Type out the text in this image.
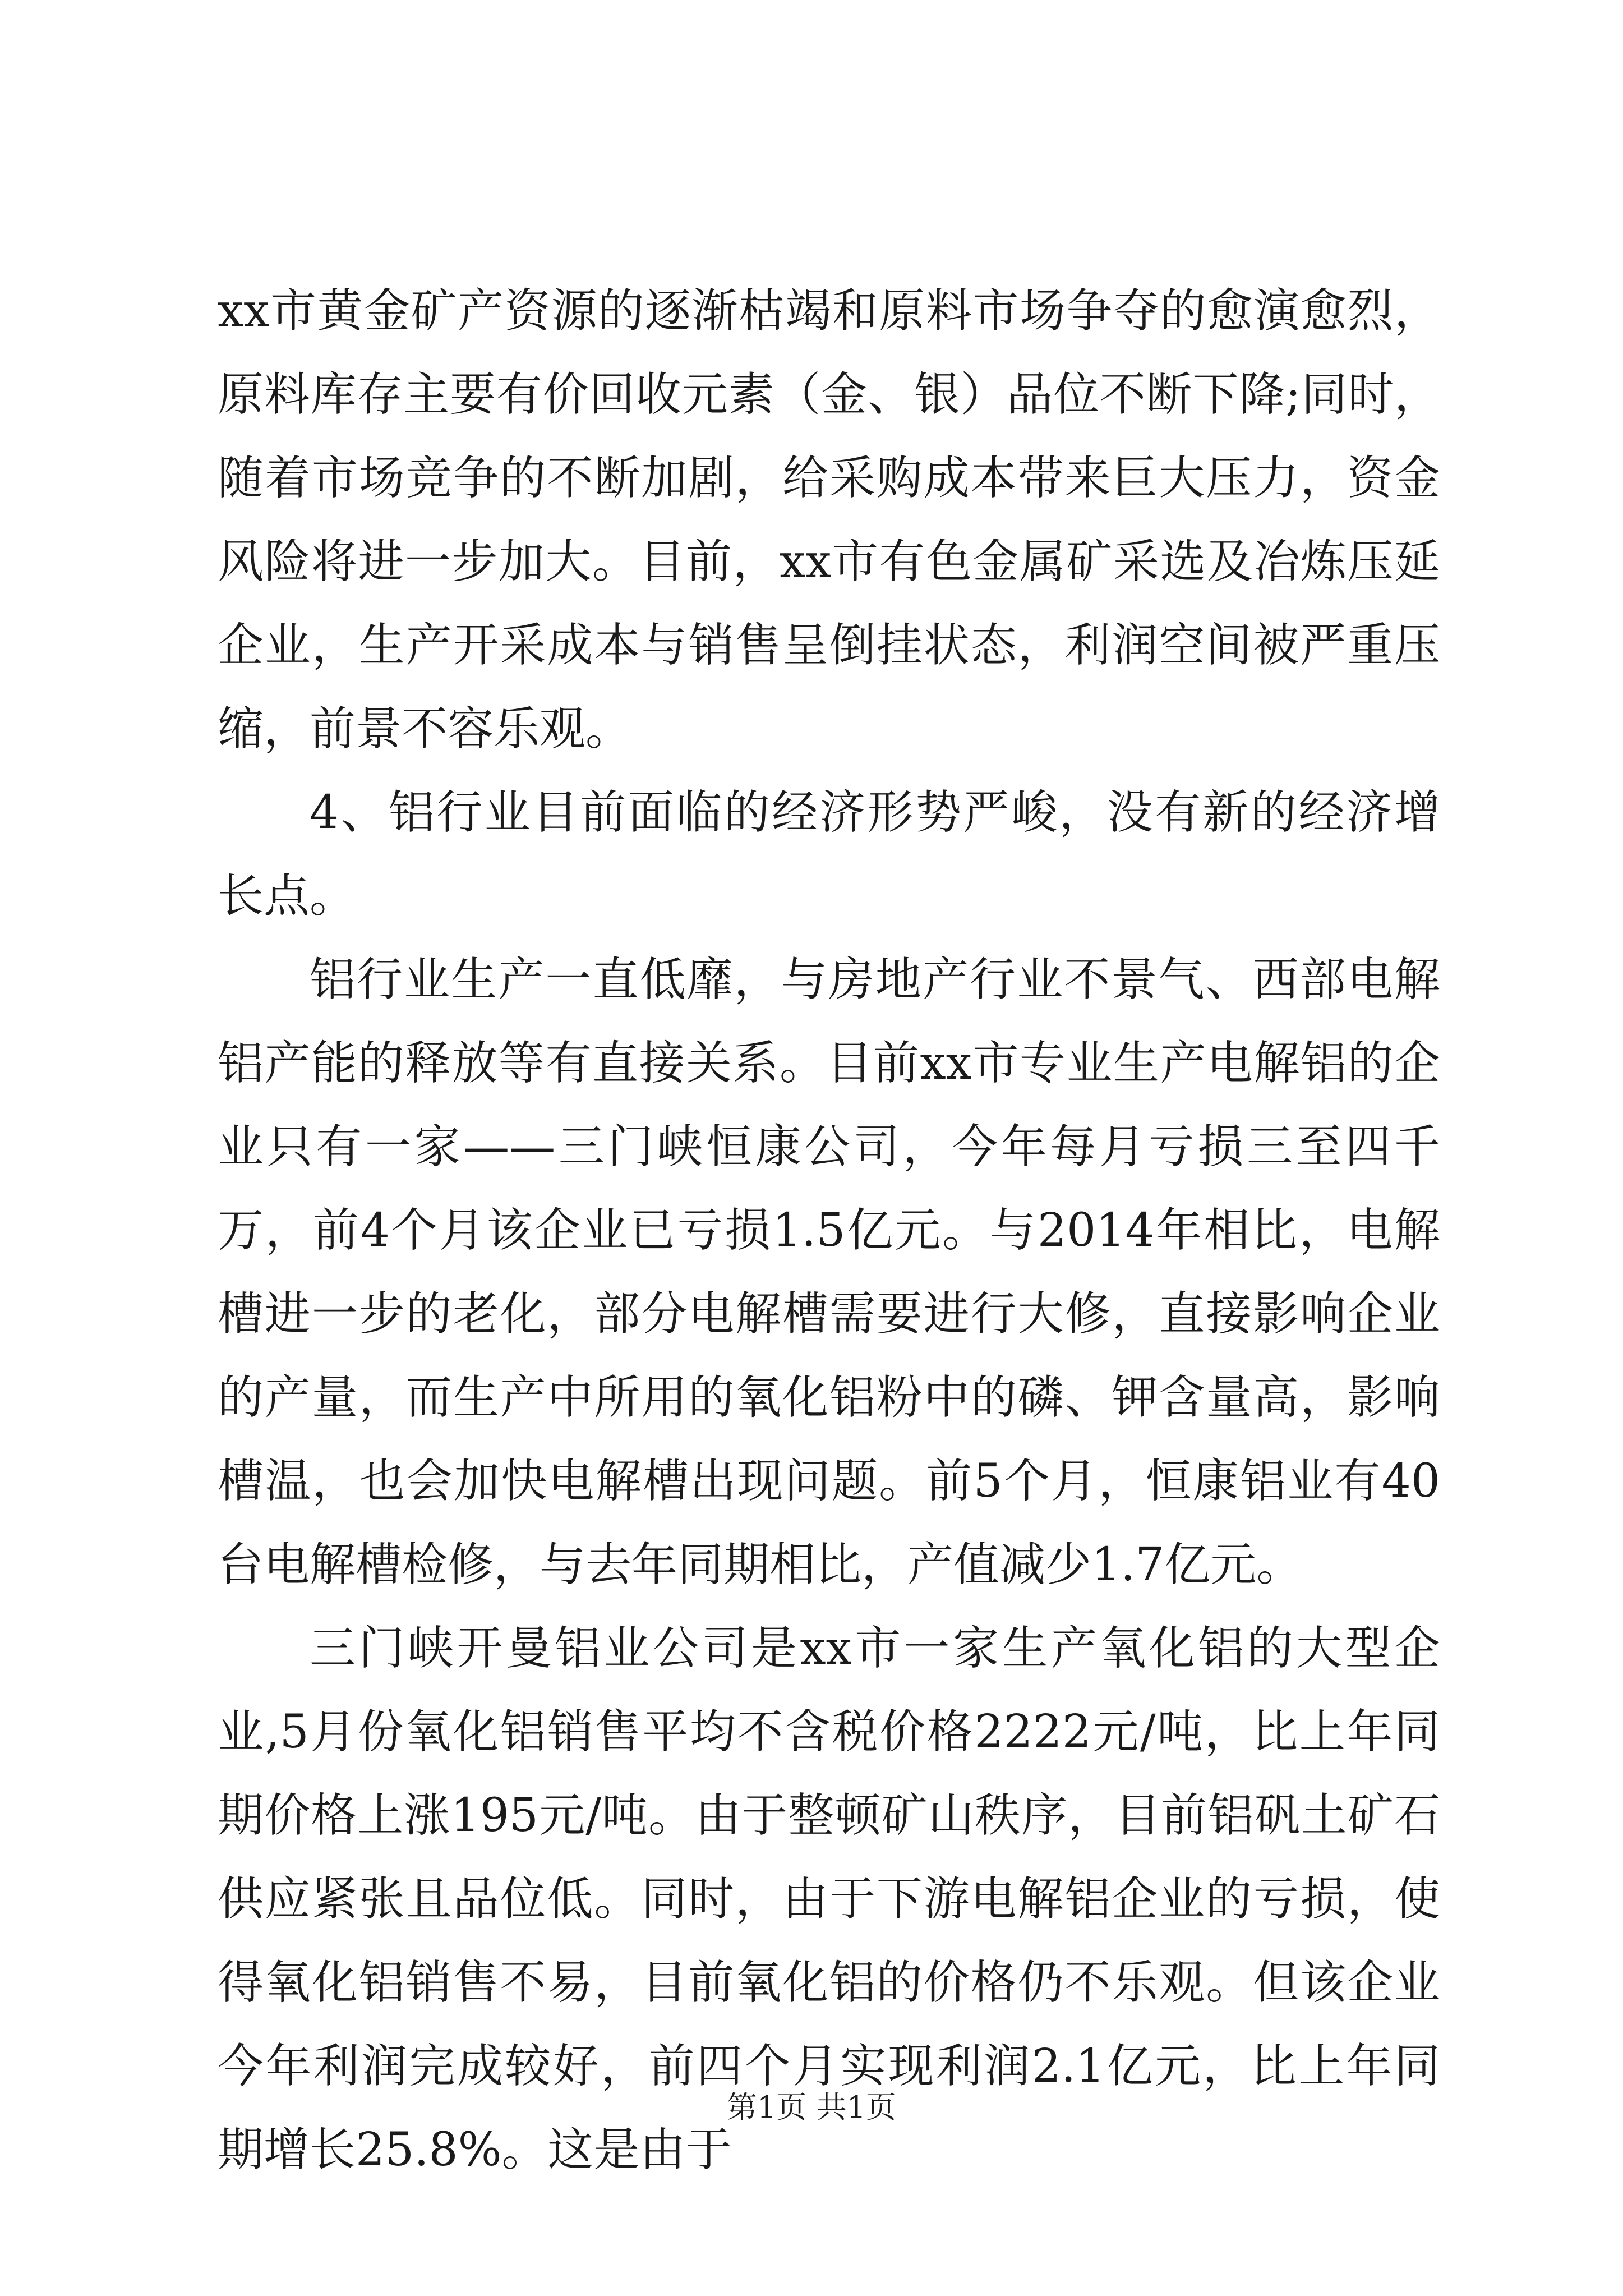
xx市黄金矿产资源的逐渐枯竭和原料市场争夺的愈演愈烈，原料库存主要有价回收元素（金、银）品位不断下降;同时，随着市场竞争的不断加剧，给采购成本带来巨大压力，资金风险将进一步加大。目前，xx市有色金属矿采选及冶炼压延企业，生产开采成本与销售呈倒挂状态，利润空间被严重压缩，前景不容乐观。

4、铝行业目前面临的经济形势严峻，没有新的经济增长点。

铝行业生产一直低靡，与房地产行业不景气、西部电解铝产能的释放等有直接关系。目前xx市专业生产电解铝的企业只有一家——三门峡恒康公司，今年每月亏损三至四千万，前4个月该企业已亏损1.5亿元。与2014年相比，电解槽进一步的老化，部分电解槽需要进行大修，直接影响企业的产量，而生产中所用的氧化铝粉中的磷、钾含量高，影响槽温，也会加快电解槽出现问题。前5个月，恒康铝业有40台电解槽检修，与去年同期相比，产值减少1.7亿元。

三门峡开曼铝业公司是xx市一家生产氧化铝的大型企业,5月份氧化铝销售平均不含税价格2222元/吨，比上年同期价格上涨195元/吨。由于整顿矿山秩序，目前铝矾土矿石供应紧张且品位低。同时，由于下游电解铝企业的亏损，使得氧化铝销售不易，目前氧化铝的价格仍不乐观。但该企业今年利润完成较好，前四个月实现利润2.1亿元，比上年同期增长25.8%。这是由于

第1页 共1页
